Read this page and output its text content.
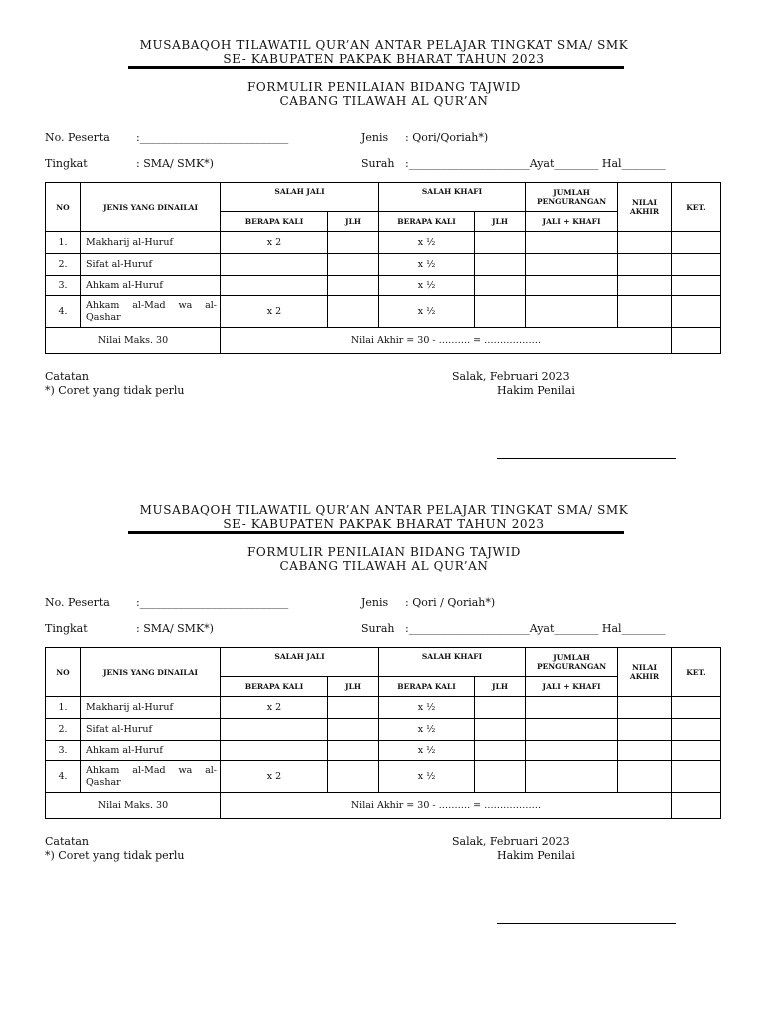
MUSABAQOH TILAWATIL QUR’AN ANTAR PELAJAR TINGKAT SMA/ SMK
SE- KABUPATEN PAKPAK BHARAT TAHUN 2023
FORMULIR PENILAIAN BIDANG TAJWID
CABANG TILAWAH AL QUR’AN
No. Peserta :___________________________	Jenis : Qori/Qoriah*)
Tingkat	: SMA/ SMK*)	Surah :______________________Ayat________ Hal________
NO	JENIS YANG DINAILAI	SALAH JALI		SALAH KHAFI		JUMLAH PENGURANGAN	NILAI AKHIR	KET.
		BERAPA KALI	JLH	BERAPA KALI	JLH	JALI + KHAFI		
1.	Makharij al-Huruf	x 2		x ½				
2.	Sifat al-Huruf			x ½				
3.	Ahkam al-Huruf			x ½				
4.	Ahkam al-Mad wa al-Qashar	x 2		x ½				
Nilai Maks. 30		Nilai Akhir = 30 - ………. = ………………						
Catatan
*) Coret yang tidak perlu
Salak, Februari 2023
Hakim Penilai
MUSABAQOH TILAWATIL QUR’AN ANTAR PELAJAR TINGKAT SMA/ SMK
SE- KABUPATEN PAKPAK BHARAT TAHUN 2023
FORMULIR PENILAIAN BIDANG TAJWID
CABANG TILAWAH AL QUR’AN
No. Peserta :___________________________	Jenis : Qori / Qoriah*)
Tingkat	: SMA/ SMK*)	Surah :______________________Ayat________ Hal________
NO	JENIS YANG DINAILAI	SALAH JALI		SALAH KHAFI		JUMLAH PENGURANGAN	NILAI AKHIR	KET.
		BERAPA KALI	JLH	BERAPA KALI	JLH	JALI + KHAFI		
1.	Makharij al-Huruf	x 2		x ½				
2.	Sifat al-Huruf			x ½				
3.	Ahkam al-Huruf			x ½				
4.	Ahkam al-Mad wa al-Qashar	x 2		x ½				
Nilai Maks. 30		Nilai Akhir = 30 - ………. = ………………						
Catatan
*) Coret yang tidak perlu
Salak, Februari 2023
Hakim Penilai
